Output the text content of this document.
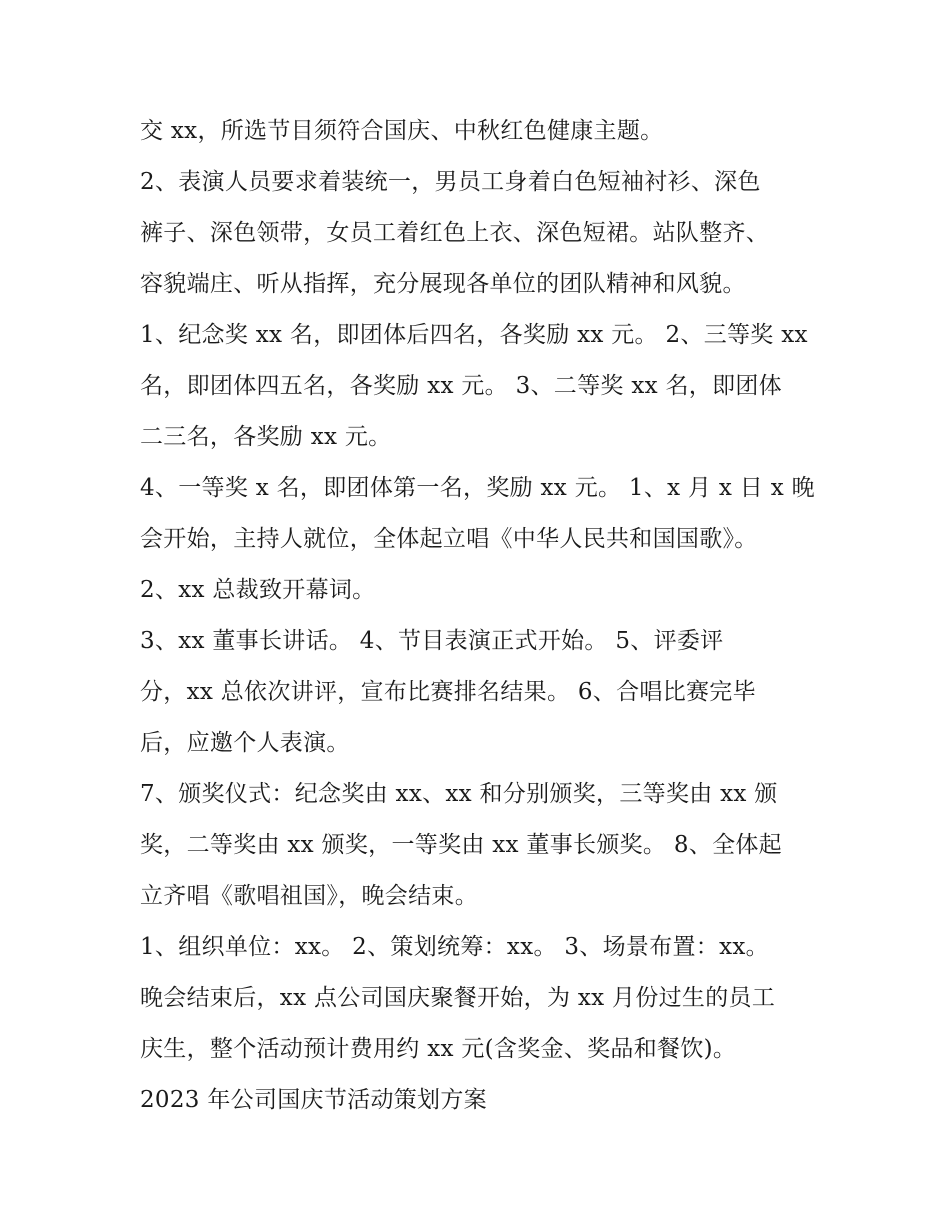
交 xx，所选节目须符合国庆、中秋红色健康主题。
2、表演人员要求着装统一，男员工身着白色短袖衬衫、深色
裤子、深色领带，女员工着红色上衣、深色短裙。站队整齐、
容貌端庄、听从指挥，充分展现各单位的团队精神和风貌。
1、纪念奖 xx 名，即团体后四名，各奖励 xx 元。 2、三等奖 xx
名，即团体四五名，各奖励 xx 元。 3、二等奖 xx 名，即团体
二三名，各奖励 xx 元。
4、一等奖 x 名，即团体第一名，奖励 xx 元。 1、x 月 x 日 x 晚
会开始，主持人就位，全体起立唱《中华人民共和国国歌》。
2、xx 总裁致开幕词。
3、xx 董事长讲话。 4、节目表演正式开始。 5、评委评
分，xx 总依次讲评，宣布比赛排名结果。 6、合唱比赛完毕
后，应邀个人表演。
7、颁奖仪式：纪念奖由 xx、xx 和分别颁奖，三等奖由 xx 颁
奖，二等奖由 xx 颁奖，一等奖由 xx 董事长颁奖。 8、全体起
立齐唱《歌唱祖国》，晚会结束。
1、组织单位：xx。 2、策划统筹：xx。 3、场景布置：xx。
晚会结束后，xx 点公司国庆聚餐开始，为 xx 月份过生的员工
庆生，整个活动预计费用约 xx 元(含奖金、奖品和餐饮)。
2023 年公司国庆节活动策划方案
